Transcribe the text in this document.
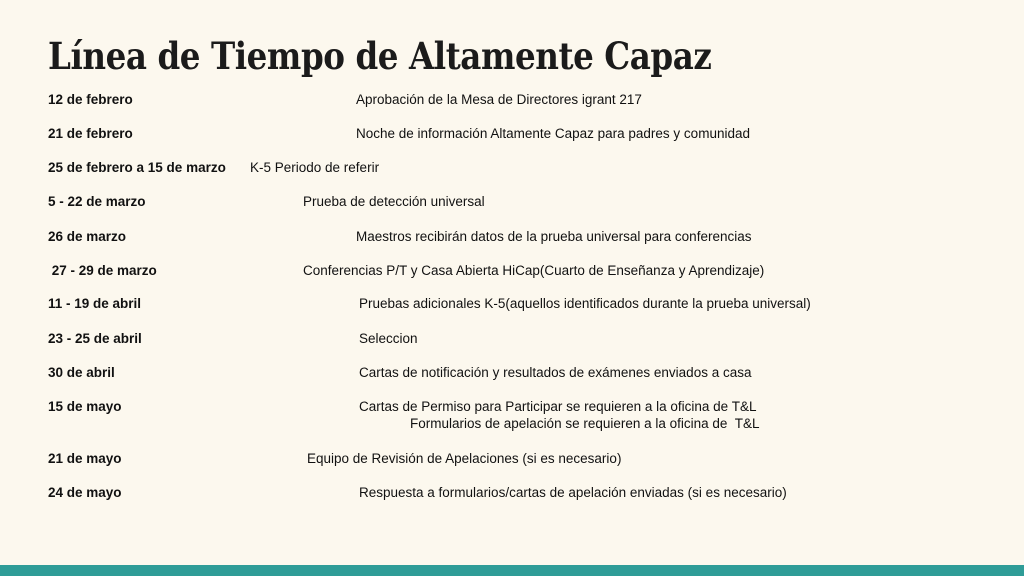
Línea de Tiempo de Altamente Capaz
12 de febrero	Aprobación de la Mesa de Directores igrant 217
21 de febrero	Noche de información Altamente Capaz para padres y comunidad
25 de febrero a 15 de marzo K-5 Periodo de referir
5 - 22 de marzo	Prueba de detección universal
26 de marzo	Maestros recibirán datos de la prueba universal para conferencias
27 - 29 de marzo	Conferencias P/T y Casa Abierta HiCap(Cuarto de Enseñanza y Aprendizaje)
11 - 19 de abril	Pruebas adicionales K-5(aquellos identificados durante la prueba universal)
23 - 25 de abril	Seleccion
30 de abril	Cartas de notificación y resultados de exámenes enviados a casa
15 de mayo	Cartas de Permiso para Participar se requieren a la oficina de T&L
Formularios de apelación se requieren a la oficina de  T&L
21 de mayo	Equipo de Revisión de Apelaciones (si es necesario)
24 de mayo	Respuesta a formularios/cartas de apelación enviadas (si es necesario)
